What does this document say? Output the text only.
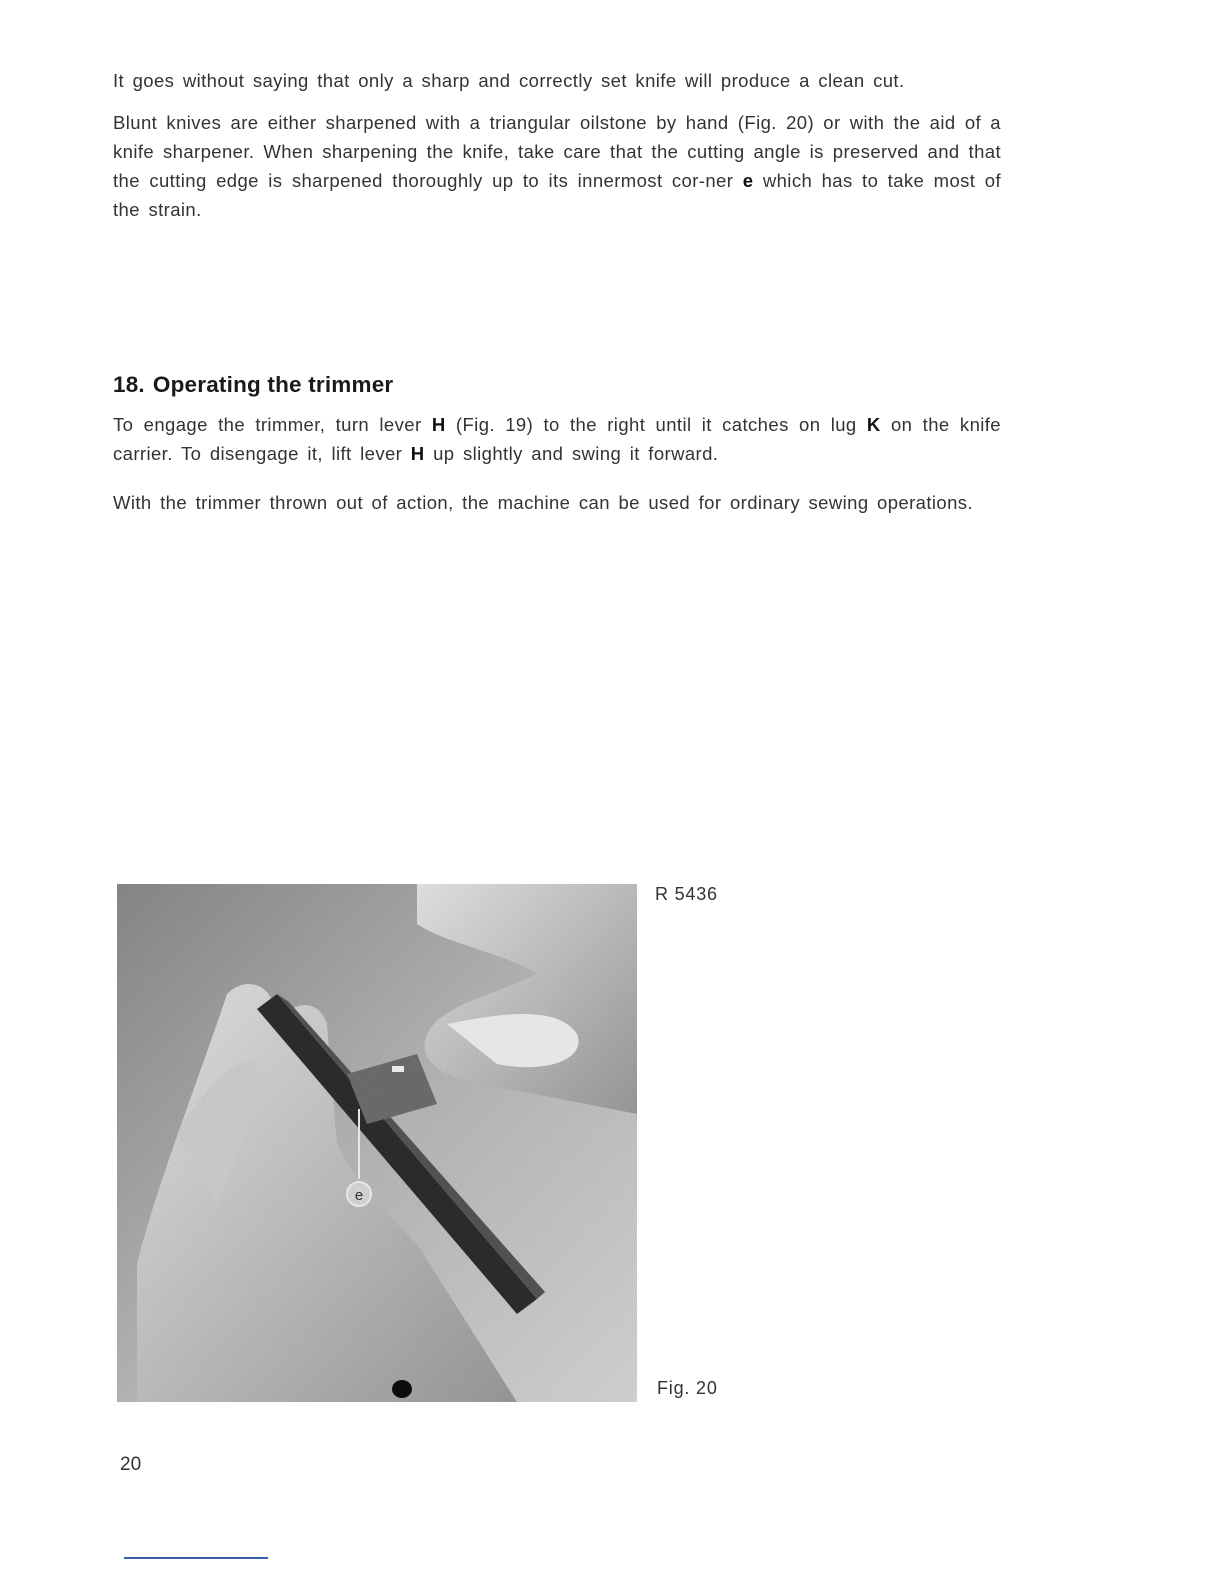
It goes without saying that only a sharp and correctly set knife will produce a clean cut.

Blunt knives are either sharpened with a triangular oilstone by hand (Fig. 20) or with the aid of a knife sharpener. When sharpening the knife, take care that the cutting angle is preserved and that the cutting edge is sharpened thoroughly up to its innermost cor-ner e which has to take most of the strain.

18. Operating the trimmer

To engage the trimmer, turn lever H (Fig. 19) to the right until it catches on lug K on the knife carrier. To disengage it, lift lever H up slightly and swing it forward.

With the trimmer thrown out of action, the machine can be used for ordinary sewing operations.

e
R 5436
Fig. 20
20
